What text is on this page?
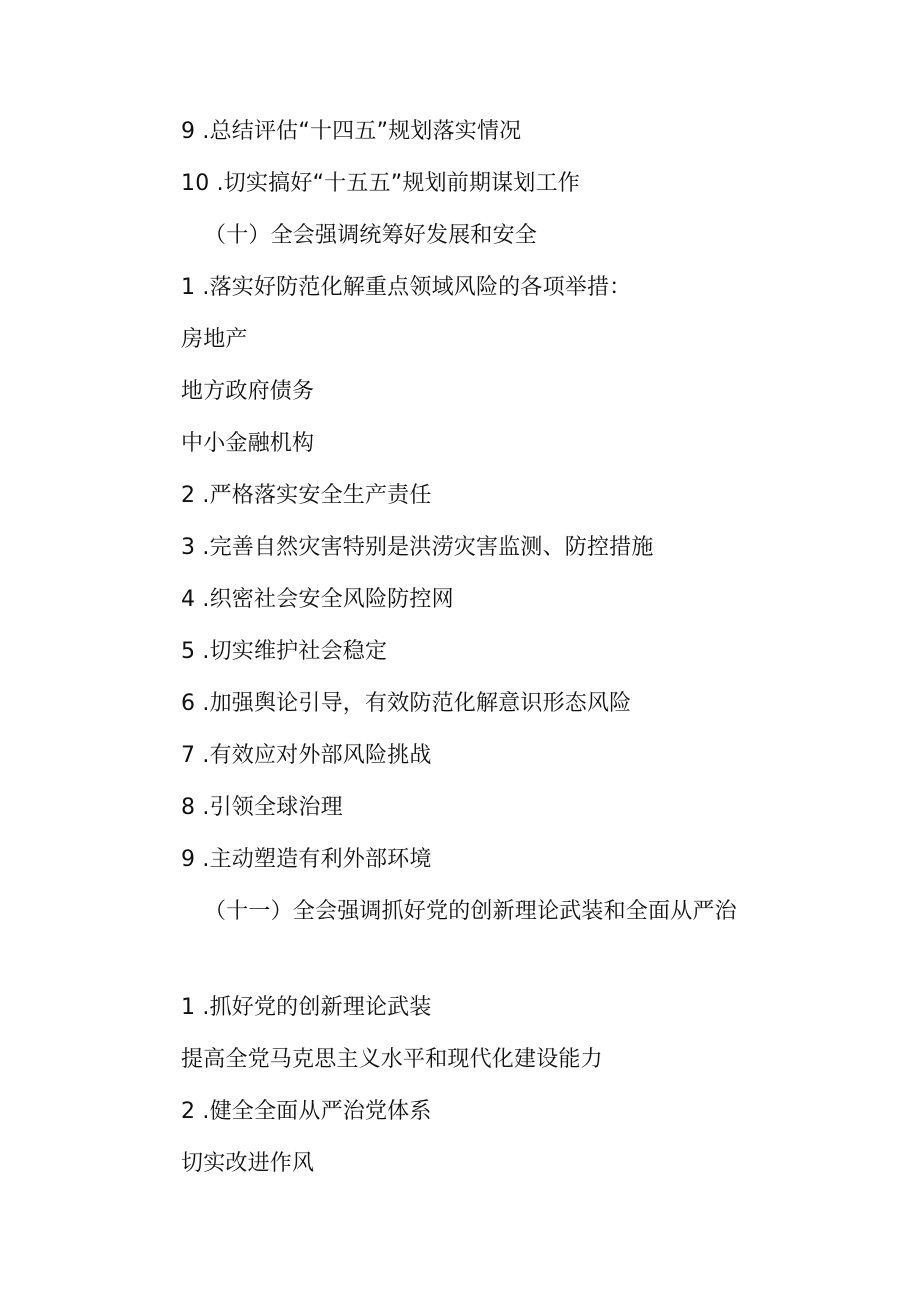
9 .总结评估“十四五”规划落实情况
10 .切实搞好“十五五”规划前期谋划工作
（十）全会强调统筹好发展和安全
1 .落实好防范化解重点领域风险的各项举措：
房地产
地方政府债务
中小金融机构
2 .严格落实安全生产责任
3 .完善自然灾害特别是洪涝灾害监测、防控措施
4 .织密社会安全风险防控网
5 .切实维护社会稳定
6 .加强舆论引导，有效防范化解意识形态风险
7 .有效应对外部风险挑战
8 .引领全球治理
9 .主动塑造有利外部环境
（十一）全会强调抓好党的创新理论武装和全面从严治
1 .抓好党的创新理论武装
提高全党马克思主义水平和现代化建设能力
2 .健全全面从严治党体系
切实改进作风
